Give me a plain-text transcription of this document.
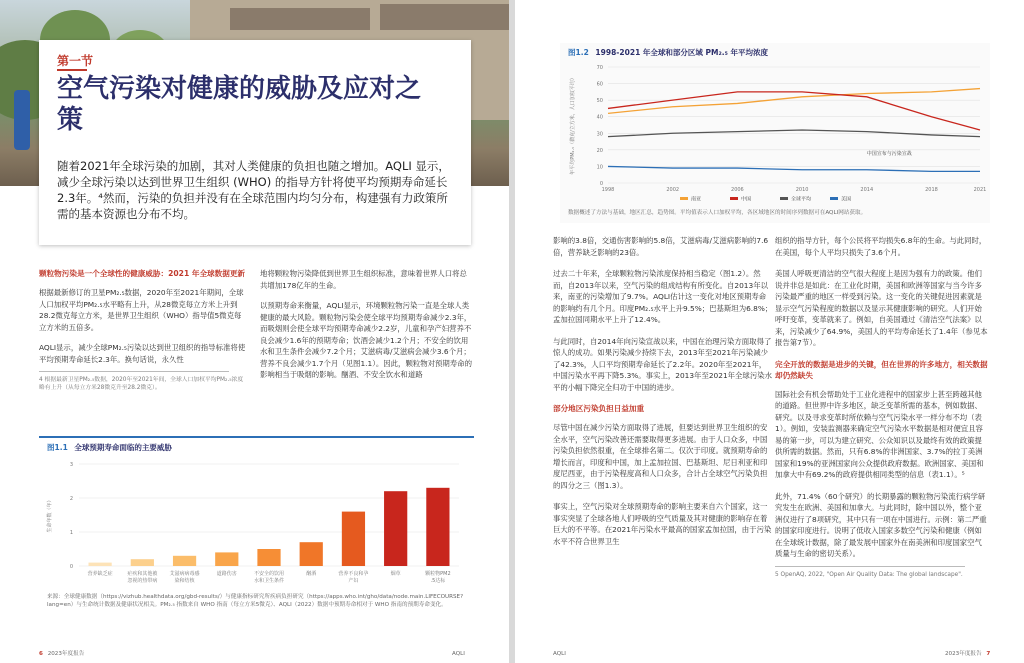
第一节
空气污染对健康的威胁及应对之策
随着2021年全球污染的加剧，其对人类健康的负担也随之增加。AQLI 显示，减少全球污染以达到世界卫生组织 (WHO) 的指导方针将使平均预期寿命延长2.3年。⁴然而，污染的负担并没有在全球范围内均匀分布，构建强有力政策所需的基本资源也分布不均。
颗粒物污染是一个全球性的健康威胁：2021 年全球数据更新

根据最新修订的卫星PM₂.₅数据，2020年至2021年期间，全球人口加权平均PM₂.₅水平略有上升，从28微克每立方米上升到28.2微克每立方米，是世界卫生组织（WHO）指导值5微克每立方米的五倍多。

AQLI显示，减少全球PM₂.₅污染以达到世卫组织的指导标准将使平均预期寿命延长2.3年。换句话说，永久性

4 根据最新卫星PM₂.₅数据，2020年至2021年间，全球人口加权平均PM₂.₅浓度略有上升（从每立方米28微克升至28.2微克）。

地将颗粒物污染降低到世界卫生组织标准，意味着世界人口将总共增加178亿年的生命。

以预期寿命来衡量，AQLI显示，环境颗粒物污染一直是全球人类健康的最大风险。颗粒物污染会使全球平均预期寿命减少2.3年，而吸烟则会使全球平均预期寿命减少2.2岁，儿童和孕产妇营养不良会减少1.6年的预期寿命；饮酒会减少1.2个月；不安全的饮用水和卫生条件会减少7.2个月；艾滋病毒/艾滋病会减少3.6个月；营养不良会减少1.7个月（见图1.1）。因此，颗粒物对预期寿命的影响相当于吸烟的影响。酗酒、不安全饮水和道路

图1.1 全球预期寿命面临的主要威胁
0
1
2
3
生命年数（年）
营养缺乏症	疟疾和其他被忽视的热带病
艾滋病病毒感染和结核
道路伤害	不安全的饮用水和卫生条件
酗酒	营养不良和孕产妇
烟草	颗粒物PM2 .5达标
来源：全球健康数据（https://vizhub.healthdata.org/gbd-results/）与健康指标研究所疾病负担研究（https://apps.who.int/gho/data/node.main.LIFECOURSE?lang=en）与生命统计数据及健康状况相关。PM₂.₅ 指数来自 WHO 指南（每立方米5微克）、AQLI（2022）数据中预期寿命相对于 WHO 指南的预期寿命变化。
6 2023年度报告	AQLI
图1.2 1998-2021 年全球和部分区域 PM₂.₅ 年平均浓度
0
10
20
30
40
50
60
70
1998	2002	2006	2010	2014	2018	2021
年平均PM₂.₅（微克/立方米，人口加权平均）	中国宣布与污染宣战
南亚	中国	全球平均	美国
数据概述了方法与基础，地区汇总，趋势图。平均值表示人口加权平均，各区域地区的时间序列数据可在AQLI网站获取。

影响的3.8倍，交通伤害影响的5.8倍，艾滋病毒/艾滋病影响的7.6倍，营养缺乏影响的23倍。

过去二十年来，全球颗粒物污染浓度保持相当稳定（图1.2）。然而，自2013年以来，空气污染的组成结构有所变化。自2013年以来，南亚的污染增加了9.7%。AQLI估计这一变化对地区预期寿命的影响约有几个月。印度PM₂.₅水平上升9.5%；巴基斯坦为6.8%；孟加拉国同期水平上升了12.4%。

与此同时，自2014年向污染宣战以来，中国在治理污染方面取得了惊人的成功。如果污染减少持续下去，2013年至2021年污染减少了42.3%，人口平均预期寿命延长了2.2年。2020年至2021年，中国污染水平再下降5.3%。事实上，2013年至2021年全球污染水平的小幅下降完全归功于中国的进步。

部分地区污染负担日益加重

尽管中国在减少污染方面取得了进展，但要达到世界卫生组织的安全水平，空气污染改善还需要取得更多进展。由于人口众多，中国污染负担依然很重，在全球排名第二。仅次于印度。就预期寿命的增长而言，印度和中国，加上孟加拉国、巴基斯坦、尼日利亚和印度尼西亚，由于污染程度高和人口众多，合计占全球空气污染负担的四分之三（图1.3）。

事实上，空气污染对全球预期寿命的影响主要来自六个国家，这一事实突显了全球各地人们呼吸的空气质量及其对健康的影响存在着巨大的不平等。在2021年污染水平最高的国家孟加拉国，由于污染水平不符合世界卫生

组织的指导方针，每个公民将平均损失6.8年的生命。与此同时，在美国，每个人平均只损失了3.6个月。

美国人呼吸更清洁的空气很大程度上是因为强有力的政策。他们说并非总是如此：在工业化时期，美国和欧洲等国家与当今许多污染最严重的地区一样受到污染。这一变化的关键促进因素就是显示空气污染程度的数据以及显示其健康影响的研究。人们开始呼吁变革，变革就来了。例如，自美国通过《清洁空气法案》以来，污染减少了64.9%，美国人的平均寿命延长了1.4年（参见本报告第7节）。

完全开放的数据是进步的关键，但在世界的许多地方，相关数据却仍然缺失

国际社会有机会帮助处于工业化进程中的国家步上甚至跨越其他的道路。但世界中许多地区，缺乏变革所需的基本，例如数据、研究。以及寻求变革时所依赖与空气污染水平一样分布不均（表1）。例如，安装监测器来确定空气污染水平数据是相对便宜且容易的第一步，可以为建立研究、公众知识以及最终有效的政策提供所需的数据。然而，只有6.8%的非洲国家、3.7%的拉丁美洲国家和19%的亚洲国家向公众提供政府数据。欧洲国家、美国和加拿大中有69.2%的政府提供相同类型的信息（表1.1）。⁵

此外，71.4%（60个研究）的长期暴露的颗粒物污染流行病学研究发生在欧洲、美国和加拿大。与此同时，除中国以外，整个亚洲仅进行了8项研究，其中只有一项在中国进行。示例：第二严重的国家印度进行。说明了低收入国家多数空气污染和健康（例如在全球统计数据，除了最发展中国家外在南美洲和印度国家空气质量与生命的密切关系）。

5 OpenAQ, 2022, "Open Air Quality Data: The global landscape".

AQLI	2023年度报告 7
